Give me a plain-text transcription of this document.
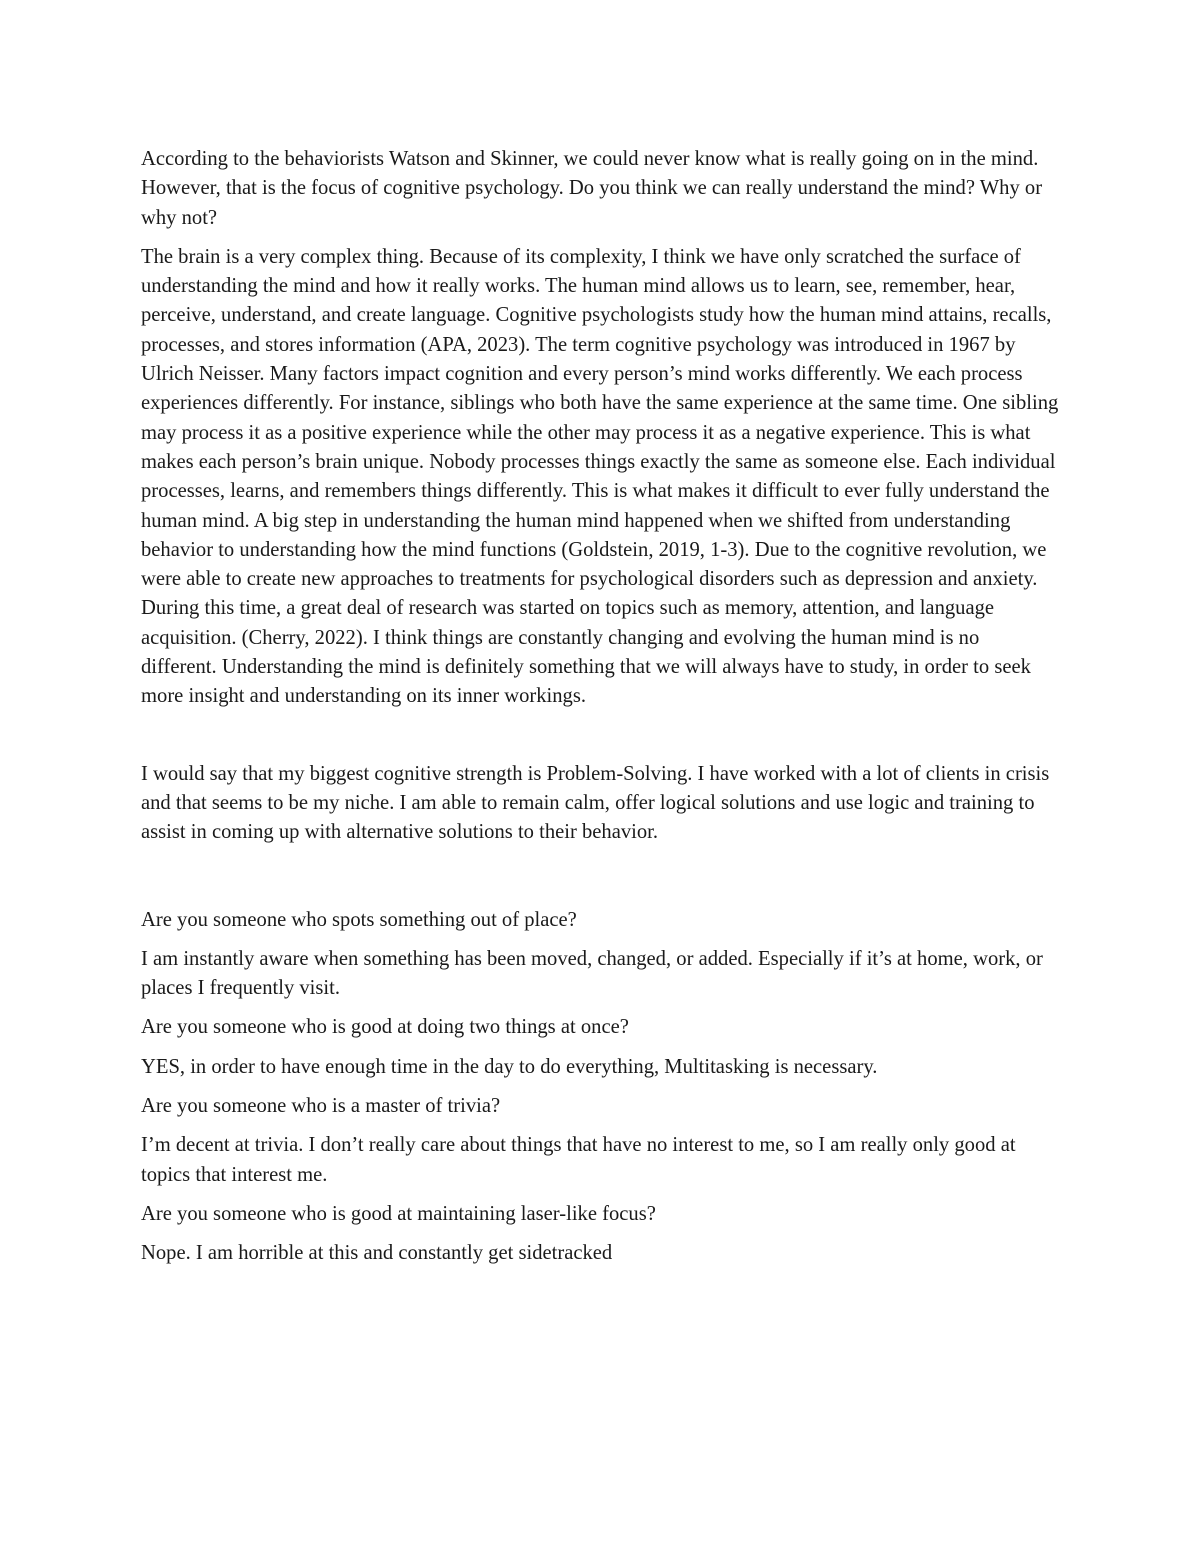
According to the behaviorists Watson and Skinner, we could never know what is really going on in the mind. However, that is the focus of cognitive psychology. Do you think we can really understand the mind? Why or why not?

The brain is a very complex thing. Because of its complexity, I think we have only scratched the surface of understanding the mind and how it really works. The human mind allows us to learn, see, remember, hear, perceive, understand, and create language. Cognitive psychologists study how the human mind attains, recalls, processes, and stores information (APA, 2023). The term cognitive psychology was introduced in 1967 by Ulrich Neisser. Many factors impact cognition and every person’s mind works differently. We each process experiences differently. For instance, siblings who both have the same experience at the same time. One sibling may process it as a positive experience while the other may process it as a negative experience. This is what makes each person’s brain unique. Nobody processes things exactly the same as someone else. Each individual processes, learns, and remembers things differently. This is what makes it difficult to ever fully understand the human mind. A big step in understanding the human mind happened when we shifted from understanding behavior to understanding how the mind functions (Goldstein, 2019, 1-3). Due to the cognitive revolution, we were able to create new approaches to treatments for psychological disorders such as depression and anxiety. During this time, a great deal of research was started on topics such as memory, attention, and language acquisition. (Cherry, 2022). I think things are constantly changing and evolving the human mind is no different. Understanding the mind is definitely something that we will always have to study, in order to seek more insight and understanding on its inner workings.

I would say that my biggest cognitive strength is Problem-Solving. I have worked with a lot of clients in crisis and that seems to be my niche. I am able to remain calm, offer logical solutions and use logic and training to assist in coming up with alternative solutions to their behavior.

Are you someone who spots something out of place?

I am instantly aware when something has been moved, changed, or added. Especially if it’s at home, work, or places I frequently visit.

Are you someone who is good at doing two things at once?

YES, in order to have enough time in the day to do everything, Multitasking is necessary.

Are you someone who is a master of trivia?

I’m decent at trivia. I don’t really care about things that have no interest to me, so I am really only good at topics that interest me.

Are you someone who is good at maintaining laser-like focus?

Nope. I am horrible at this and constantly get sidetracked
